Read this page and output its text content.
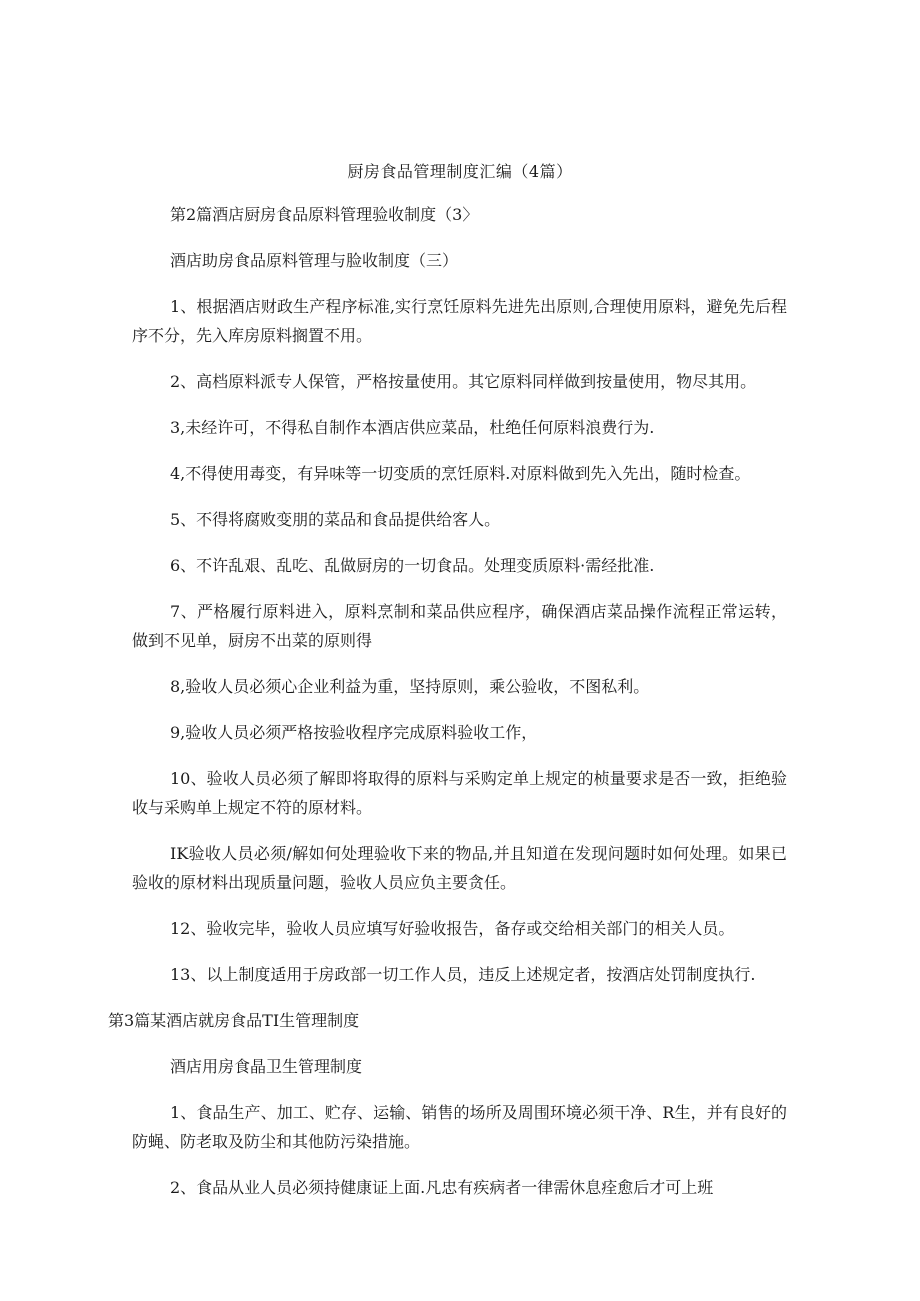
厨房食品管理制度汇编（4篇）

第2篇酒店厨房食品原料管理验收制度（3〉

酒店助房食品原料管理与脸收制度（三）

1、根据酒店财政生产程序标准,实行烹饪原料先进先出原则,合理使用原料，避免先后程序不分，先入库房原料搁置不用。

2、高档原料派专人保管，严格按量使用。其它原料同样做到按量使用，物尽其用。

3,未经许可，不得私自制作本酒店供应菜品，杜绝任何原料浪费行为.

4,不得使用毒变，有异味等一切变质的烹饪原料.对原料做到先入先出，随时检查。

5、不得将腐败变朋的菜品和食品提供给客人。

6、不许乱艰、乱吃、乱做厨房的一切食品。处理变质原料·需经批准.

7、严格履行原料进入，原料烹制和菜品供应程序，确保酒店菜品操作流程正常运转，做到不见单，厨房不出菜的原则得

8,验收人员必须心企业利益为重，坚持原则，乘公验收，不图私利。

9,验收人员必须严格按验收程序完成原料验收工作，

10、验收人员必须了解即将取得的原料与采购定单上规定的桢量要求是否一致，拒绝验收与采购单上规定不符的原材料。

IK验收人员必须/解如何处理验收下来的物品,并且知道在发现问题时如何处理。如果已验收的原材料出现质量问题，验收人员应负主要贪任。

12、验收完毕，验收人员应填写好验收报告，备存或交给相关部门的相关人员。

13、以上制度适用于房政部一切工作人员，违反上述规定者，按酒店处罚制度执行.

第3篇某酒店就房食品TI生管理制度

酒店用房食晶卫生管理制度

1、食品生产、加工、贮存、运输、销售的场所及周围环境必须干净、R生，并有良好的防蝇、防老取及防尘和其他防污染措施。

2、食品从业人员必须持健康证上面.凡忠有疾病者一律需休息痊愈后才可上班
